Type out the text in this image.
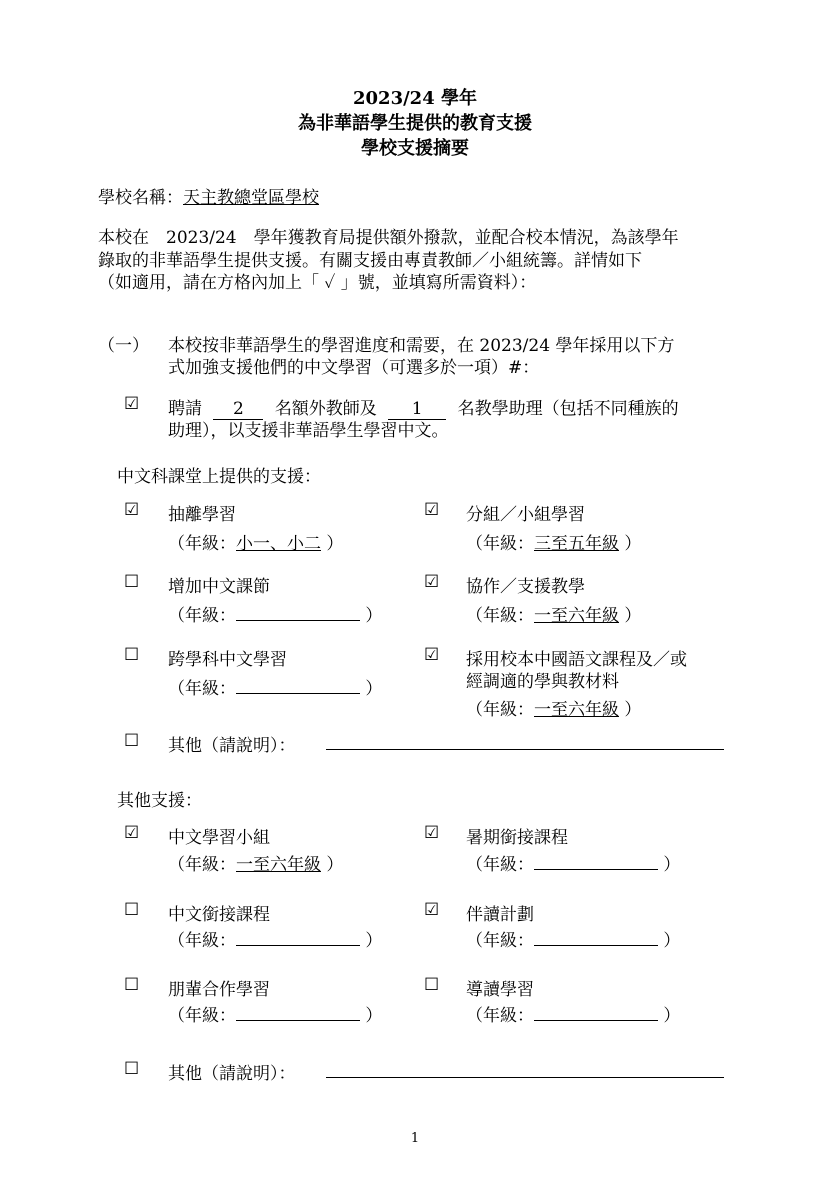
2023/24 學年
為非華語學生提供的教育支援
學校支援摘要
學校名稱：天主教總堂區學校
本校在　2023/24　學年獲教育局提供額外撥款，並配合校本情況，為該學年
錄取的非華語學生提供支援。有關支援由專責教師／小組統籌。詳情如下
（如適用，請在方格內加上「 ✓ 」號，並填寫所需資料）：
（一） 本校按非華語學生的學習進度和需要，在 2023/24 學年採用以下方
式加強支援他們的中文學習（可選多於一項）#：
☑ 聘請 2 名額外教師及 1 名教學助理（包括不同種族的
助理），以支援非華語學生學習中文。
中文科課堂上提供的支援：
☑ 抽離學習
（年級：小一、小二 ）
☑ 分組／小組學習
（年級：三至五年級 ）
☐ 增加中文課節
（年級：	）
☑ 協作／支援教學
（年級：一至六年級 ）
☐ 跨學科中文學習
（年級：	）
☑ 採用校本中國語文課程及／或
經調適的學與教材料
（年級：一至六年級 ）
☐ 其他（請說明）：
其他支援：
☑ 中文學習小組
（年級：一至六年級 ）
☑ 暑期銜接課程
（年級：	）
☐ 中文銜接課程
（年級：	）
☑ 伴讀計劃
（年級：	）
☐ 朋輩合作學習
（年級：	）
☐ 導讀學習
（年級：	）
☐ 其他（請說明）：
1
